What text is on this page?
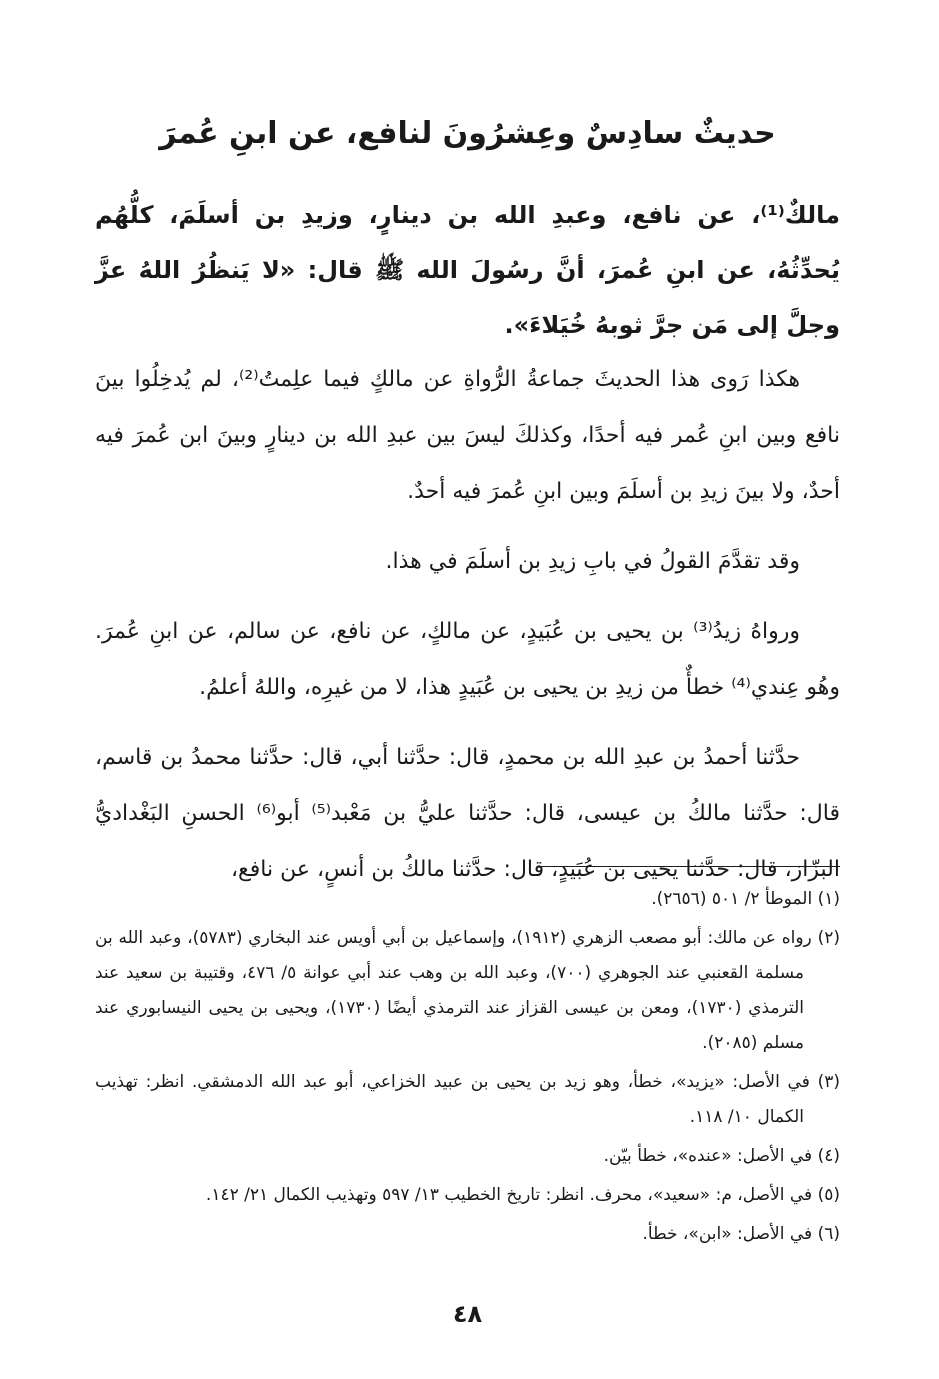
حديثٌ سادِسٌ وعِشرُونَ لنافع، عن ابنِ عُمرَ

مالكٌ⁽¹⁾، عن نافع، وعبدِ الله بن دينارٍ، وزيدِ بن أسلَمَ، كلُّهُم يُحدِّثُهُ، عن ابنِ عُمرَ، أنَّ رسُولَ الله ﷺ قال: «لا يَنظُرُ اللهُ عزَّ وجلَّ إلى مَن جرَّ ثوبهُ خُيَلاءَ».

هكذا رَوى هذا الحديثَ جماعةُ الرُّواةِ عن مالكٍ فيما علِمتُ⁽²⁾، لم يُدخِلُوا بينَ نافع وبين ابنِ عُمر فيه أحدًا، وكذلكَ ليسَ بين عبدِ الله بن دينارٍ وبينَ ابن عُمرَ فيه أحدٌ، ولا بينَ زيدِ بن أسلَمَ وبين ابنِ عُمرَ فيه أحدٌ.

وقد تقدَّمَ القولُ في بابِ زيدِ بن أسلَمَ في هذا.

ورواهُ زيدُ⁽³⁾ بن يحيى بن عُبَيدٍ، عن مالكٍ، عن نافع، عن سالم، عن ابنِ عُمرَ. وهُو عِندي⁽⁴⁾ خطأٌ من زيدِ بن يحيى بن عُبَيدٍ هذا، لا من غيرِه، واللهُ أعلمُ.

حدَّثنا أحمدُ بن عبدِ الله بن محمدٍ، قال: حدَّثنا أبي، قال: حدَّثنا محمدُ بن قاسم، قال: حدَّثنا مالكُ بن عيسى، قال: حدَّثنا عليُّ بن مَعْبد⁽⁵⁾ أبو⁽⁶⁾ الحسنِ البَغْداديُّ البزّاز، قال: حدَّثنا يحيى بن عُبَيدٍ، قال: حدَّثنا مالكُ بن أنسٍ، عن نافع،

(١) الموطأ ٢/ ٥٠١ (٢٦٥٦).

(٢) رواه عن مالك: أبو مصعب الزهري (١٩١٢)، وإسماعيل بن أبي أويس عند البخاري (٥٧٨٣)، وعبد الله بن مسلمة القعنبي عند الجوهري (٧٠٠)، وعبد الله بن وهب عند أبي عوانة ٥/ ٤٧٦، وقتيبة بن سعيد عند الترمذي (١٧٣٠)، ومعن بن عيسى القزاز عند الترمذي أيضًا (١٧٣٠)، ويحيى بن يحيى النيسابوري عند مسلم (٢٠٨٥).

(٣) في الأصل: «يزيد»، خطأ، وهو زيد بن يحيى بن عبيد الخزاعي، أبو عبد الله الدمشقي. انظر: تهذيب الكمال ١٠/ ١١٨.

(٤) في الأصل: «عنده»، خطأ بيّن.

(٥) في الأصل، م: «سعيد»، محرف. انظر: تاريخ الخطيب ١٣/ ٥٩٧ وتهذيب الكمال ٢١/ ١٤٢.

(٦) في الأصل: «ابن»، خطأ.

٤٨
